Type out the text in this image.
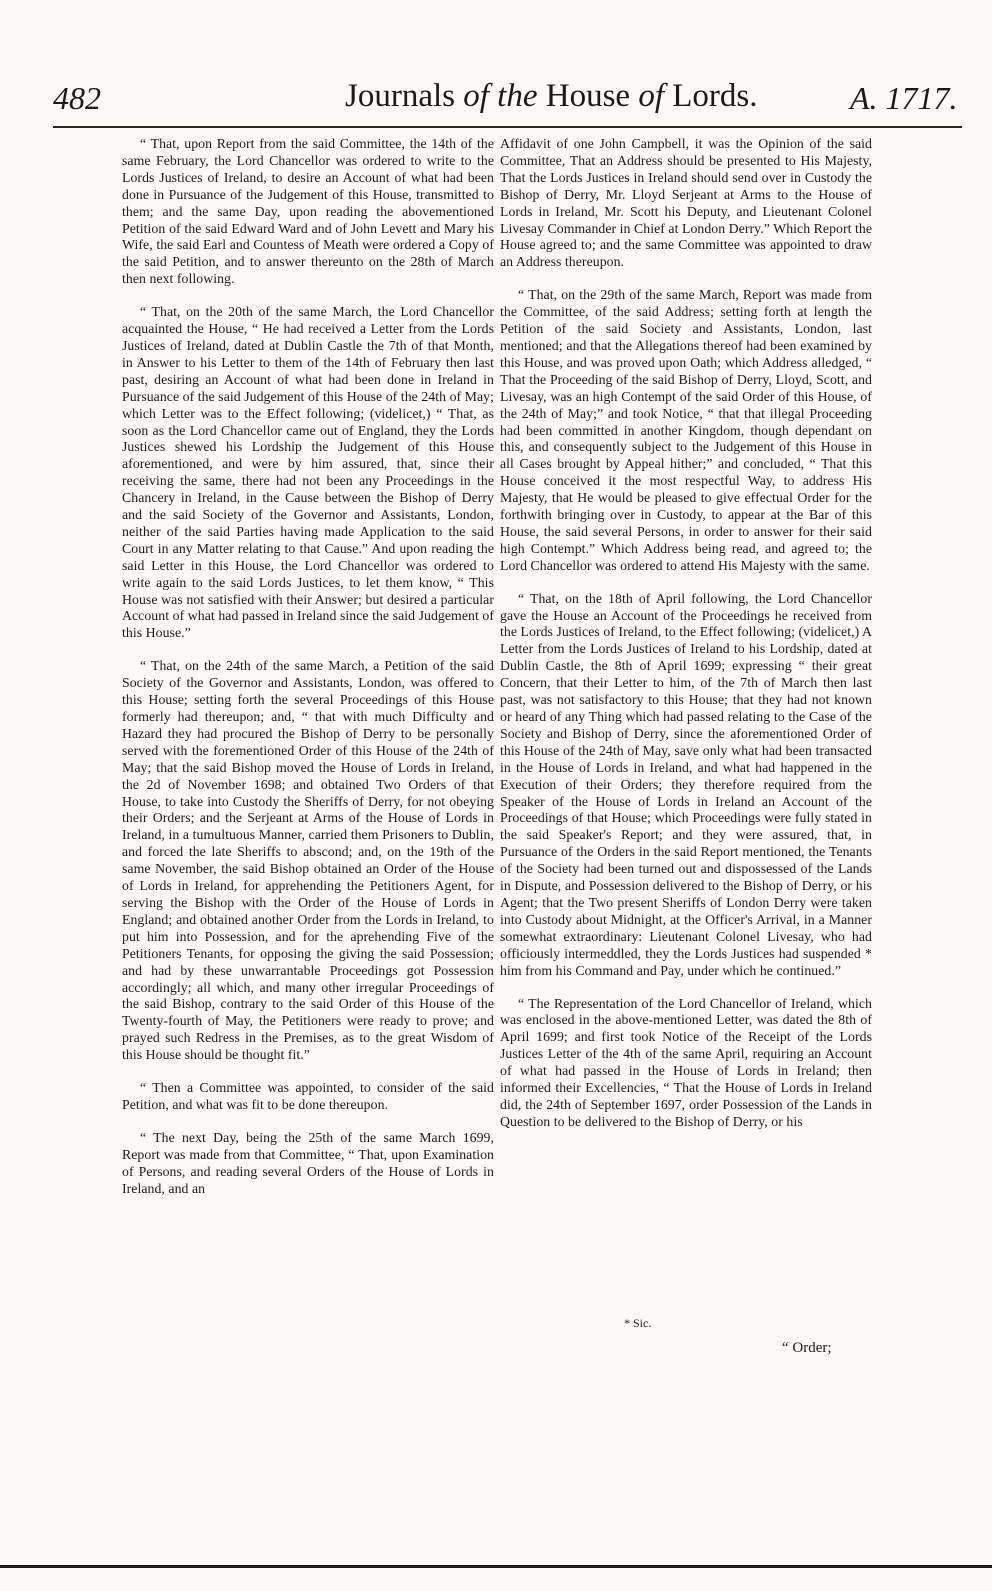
482	Journals of the House of Lords.	A. 1717.

“ That, upon Report from the said Committee, the 14th of the same February, the Lord Chancellor was ordered to write to the Lords Justices of Ireland, to desire an Account of what had been done in Pursuance of the Judgement of this House, transmitted to them; and the same Day, upon reading the abovementioned Petition of the said Edward Ward and of John Levett and Mary his Wife, the said Earl and Countess of Meath were ordered a Copy of the said Petition, and to answer thereunto on the 28th of March then next following.

“ That, on the 20th of the same March, the Lord Chancellor acquainted the House, “ He had received a Letter from the Lords Justices of Ireland, dated at Dublin Castle the 7th of that Month, in Answer to his Letter to them of the 14th of February then last past, desiring an Account of what had been done in Ireland in Pursuance of the said Judgement of this House of the 24th of May; which Letter was to the Effect following; (videlicet,) “ That, as soon as the Lord Chancellor came out of England, they the Lords Justices shewed his Lordship the Judgement of this House aforementioned, and were by him assured, that, since their receiving the same, there had not been any Proceedings in the Chancery in Ireland, in the Cause between the Bishop of Derry and the said Society of the Governor and Assistants, London, neither of the said Parties having made Application to the said Court in any Matter relating to that Cause.” And upon reading the said Letter in this House, the Lord Chancellor was ordered to write again to the said Lords Justices, to let them know, “ This House was not satisfied with their Answer; but desired a particular Account of what had passed in Ireland since the said Judgement of this House.”

“ That, on the 24th of the same March, a Petition of the said Society of the Governor and Assistants, London, was offered to this House; setting forth the several Proceedings of this House formerly had thereupon; and, “ that with much Difficulty and Hazard they had procured the Bishop of Derry to be personally served with the forementioned Order of this House of the 24th of May; that the said Bishop moved the House of Lords in Ireland, the 2d of November 1698; and obtained Two Orders of that House, to take into Custody the Sheriffs of Derry, for not obeying their Orders; and the Serjeant at Arms of the House of Lords in Ireland, in a tumultuous Manner, carried them Prisoners to Dublin, and forced the late Sheriffs to abscond; and, on the 19th of the same November, the said Bishop obtained an Order of the House of Lords in Ireland, for apprehending the Petitioners Agent, for serving the Bishop with the Order of the House of Lords in England; and obtained another Order from the Lords in Ireland, to put him into Possession, and for the aprehending Five of the Petitioners Tenants, for opposing the giving the said Possession; and had by these unwarrantable Proceedings got Possession accordingly; all which, and many other irregular Proceedings of the said Bishop, contrary to the said Order of this House of the Twenty-fourth of May, the Petitioners were ready to prove; and prayed such Redress in the Premises, as to the great Wisdom of this House should be thought fit.”

“ Then a Committee was appointed, to consider of the said Petition, and what was fit to be done thereupon.

“ The next Day, being the 25th of the same March 1699, Report was made from that Committee, “ That, upon Examination of Persons, and reading several Orders of the House of Lords in Ireland, and an

Affidavit of one John Campbell, it was the Opinion of the said Committee, That an Address should be presented to His Majesty, That the Lords Justices in Ireland should send over in Custody the Bishop of Derry, Mr. Lloyd Serjeant at Arms to the House of Lords in Ireland, Mr. Scott his Deputy, and Lieutenant Colonel Livesay Commander in Chief at London Derry.” Which Report the House agreed to; and the same Committee was appointed to draw an Address thereupon.

“ That, on the 29th of the same March, Report was made from the Committee, of the said Address; setting forth at length the Petition of the said Society and Assistants, London, last mentioned; and that the Allegations thereof had been examined by this House, and was proved upon Oath; which Address alledged, “ That the Proceeding of the said Bishop of Derry, Lloyd, Scott, and Livesay, was an high Contempt of the said Order of this House, of the 24th of May;” and took Notice, “ that that illegal Proceeding had been committed in another Kingdom, though dependant on this, and consequently subject to the Judgement of this House in all Cases brought by Appeal hither;” and concluded, “ That this House conceived it the most respectful Way, to address His Majesty, that He would be pleased to give effectual Order for the forthwith bringing over in Custody, to appear at the Bar of this House, the said several Persons, in order to answer for their said high Contempt.” Which Address being read, and agreed to; the Lord Chancellor was ordered to attend His Majesty with the same.

“ That, on the 18th of April following, the Lord Chancellor gave the House an Account of the Proceedings he received from the Lords Justices of Ireland, to the Effect following; (videlicet,) A Letter from the Lords Justices of Ireland to his Lordship, dated at Dublin Castle, the 8th of April 1699; expressing “ their great Concern, that their Letter to him, of the 7th of March then last past, was not satisfactory to this House; that they had not known or heard of any Thing which had passed relating to the Case of the Society and Bishop of Derry, since the aforementioned Order of this House of the 24th of May, save only what had been transacted in the House of Lords in Ireland, and what had happened in the Execution of their Orders; they therefore required from the Speaker of the House of Lords in Ireland an Account of the Proceedings of that House; which Proceedings were fully stated in the said Speaker's Report; and they were assured, that, in Pursuance of the Orders in the said Report mentioned, the Tenants of the Society had been turned out and dispossessed of the Lands in Dispute, and Possession delivered to the Bishop of Derry, or his Agent; that the Two present Sheriffs of London Derry were taken into Custody about Midnight, at the Officer's Arrival, in a Manner somewhat extraordinary: Lieutenant Colonel Livesay, who had officiously intermeddled, they the Lords Justices had suspended * him from his Command and Pay, under which he continued.”

“ The Representation of the Lord Chancellor of Ireland, which was enclosed in the above-mentioned Letter, was dated the 8th of April 1699; and first took Notice of the Receipt of the Lords Justices Letter of the 4th of the same April, requiring an Account of what had passed in the House of Lords in Ireland; then informed their Excellencies, “ That the House of Lords in Ireland did, the 24th of September 1697, order Possession of the Lands in Question to be delivered to the Bishop of Derry, or his

* Sic.
“ Order;
